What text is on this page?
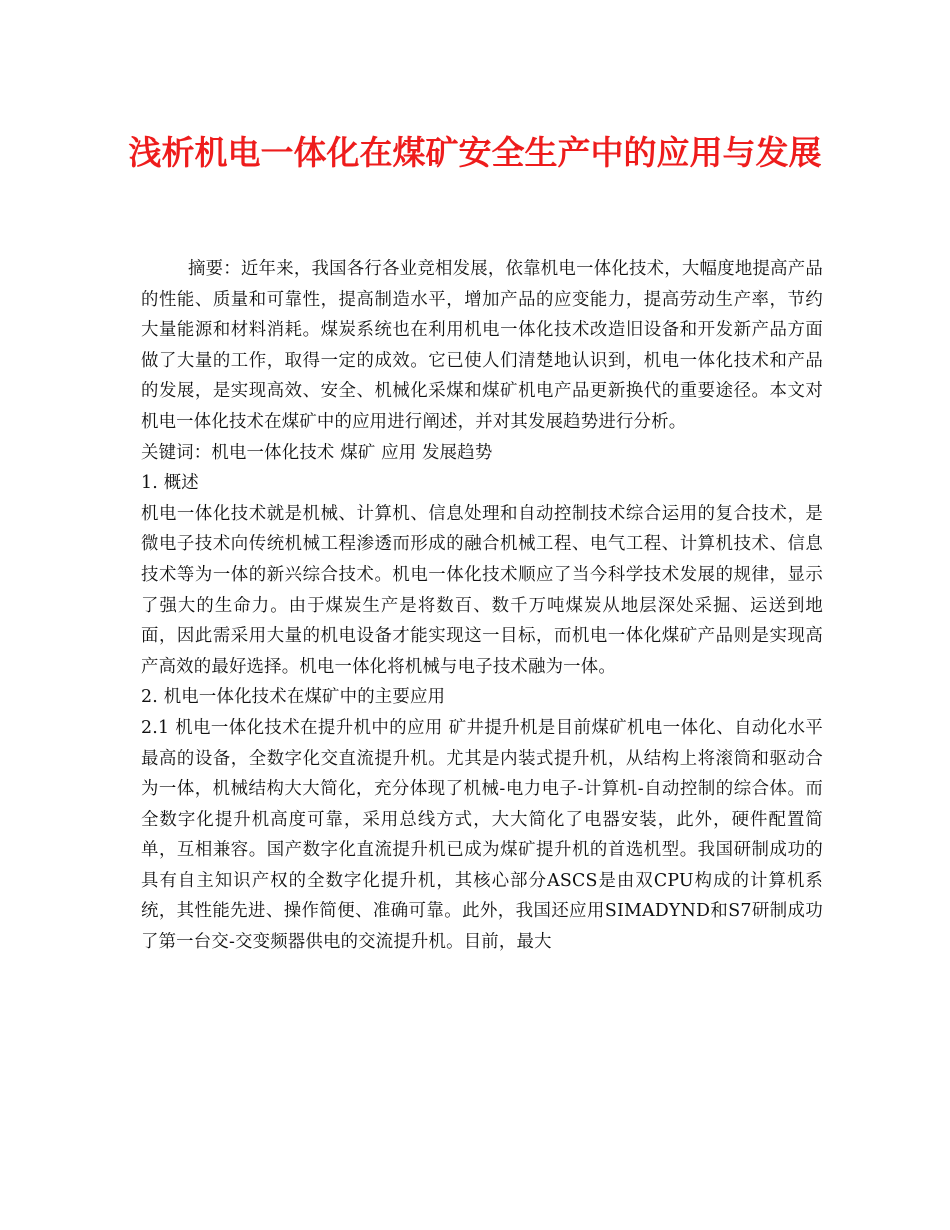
浅析机电一体化在煤矿安全生产中的应用与发展

摘要：近年来，我国各行各业竞相发展，依靠机电一体化技术，大幅度地提高产品的性能、质量和可靠性，提高制造水平，增加产品的应变能力，提高劳动生产率，节约大量能源和材料消耗。煤炭系统也在利用机电一体化技术改造旧设备和开发新产品方面做了大量的工作，取得一定的成效。它已使人们清楚地认识到，机电一体化技术和产品的发展，是实现高效、安全、机械化采煤和煤矿机电产品更新换代的重要途径。本文对机电一体化技术在煤矿中的应用进行阐述，并对其发展趋势进行分析。

关键词：机电一体化技术 煤矿 应用 发展趋势

1. 概述

机电一体化技术就是机械、计算机、信息处理和自动控制技术综合运用的复合技术，是微电子技术向传统机械工程渗透而形成的融合机械工程、电气工程、计算机技术、信息技术等为一体的新兴综合技术。机电一体化技术顺应了当今科学技术发展的规律，显示了强大的生命力。由于煤炭生产是将数百、数千万吨煤炭从地层深处采掘、运送到地面，因此需采用大量的机电设备才能实现这一目标，而机电一体化煤矿产品则是实现高产高效的最好选择。机电一体化将机械与电子技术融为一体。

2. 机电一体化技术在煤矿中的主要应用

2.1 机电一体化技术在提升机中的应用 矿井提升机是目前煤矿机电一体化、自动化水平最高的设备，全数字化交直流提升机。尤其是内装式提升机，从结构上将滚筒和驱动合为一体，机械结构大大简化，充分体现了机械-电力电子-计算机-自动控制的综合体。而全数字化提升机高度可靠，采用总线方式，大大简化了电器安装，此外，硬件配置简单，互相兼容。国产数字化直流提升机已成为煤矿提升机的首选机型。我国研制成功的具有自主知识产权的全数字化提升机，其核心部分ASCS是由双CPU构成的计算机系统，其性能先进、操作简便、准确可靠。此外，我国还应用SIMADYND和S7研制成功了第一台交-交变频器供电的交流提升机。目前，最大
